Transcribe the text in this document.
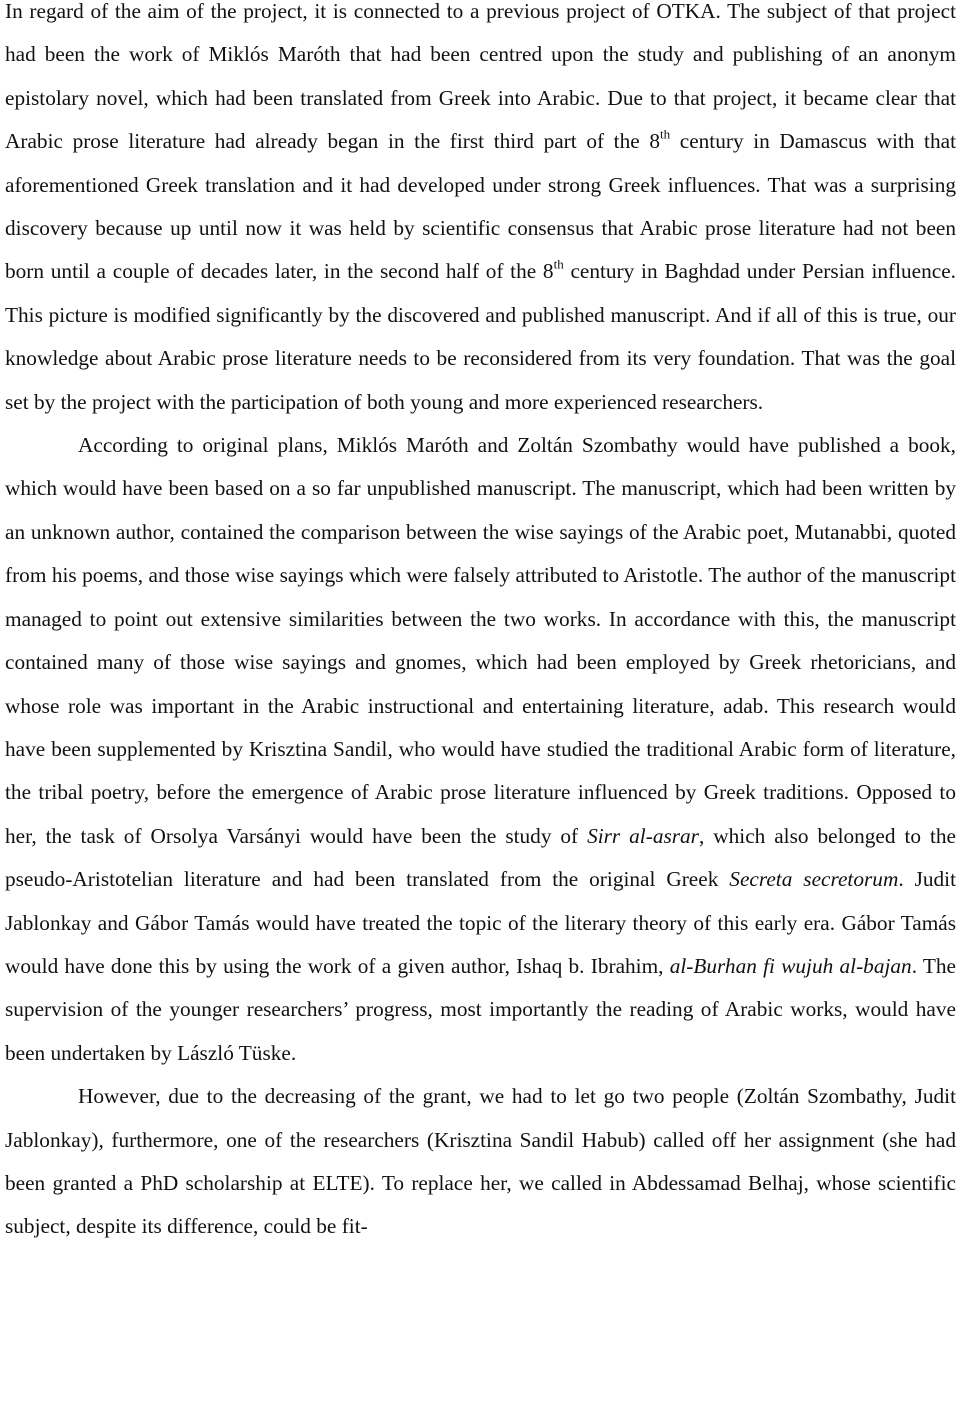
In regard of the aim of the project, it is connected to a previous project of OTKA. The subject of that project had been the work of Miklós Maróth that had been centred upon the study and publishing of an anonym epistolary novel, which had been translated from Greek into Arabic. Due to that project, it became clear that Arabic prose literature had already began in the first third part of the 8th century in Damascus with that aforementioned Greek translation and it had developed under strong Greek influences. That was a surprising discovery because up until now it was held by scientific consensus that Arabic prose literature had not been born until a couple of decades later, in the second half of the 8th century in Baghdad under Persian influence. This picture is modified significantly by the discovered and published manuscript. And if all of this is true, our knowledge about Arabic prose literature needs to be reconsidered from its very foundation. That was the goal set by the project with the participation of both young and more experienced researchers.

According to original plans, Miklós Maróth and Zoltán Szombathy would have published a book, which would have been based on a so far unpublished manuscript. The manuscript, which had been written by an unknown author, contained the comparison between the wise sayings of the Arabic poet, Mutanabbi, quoted from his poems, and those wise sayings which were falsely attributed to Aristotle. The author of the manuscript managed to point out extensive similarities between the two works. In accordance with this, the manuscript contained many of those wise sayings and gnomes, which had been employed by Greek rhetoricians, and whose role was important in the Arabic instructional and entertaining literature, adab. This research would have been supplemented by Krisztina Sandil, who would have studied the traditional Arabic form of literature, the tribal poetry, before the emergence of Arabic prose literature influenced by Greek traditions. Opposed to her, the task of Orsolya Varsányi would have been the study of Sirr al-asrar, which also belonged to the pseudo-Aristotelian literature and had been translated from the original Greek Secreta secretorum. Judit Jablonkay and Gábor Tamás would have treated the topic of the literary theory of this early era. Gábor Tamás would have done this by using the work of a given author, Ishaq b. Ibrahim, al-Burhan fi wujuh al-bajan. The supervision of the younger researchers’ progress, most importantly the reading of Arabic works, would have been undertaken by László Tüske.

However, due to the decreasing of the grant, we had to let go two people (Zoltán Szombathy, Judit Jablonkay), furthermore, one of the researchers (Krisztina Sandil Habub) called off her assignment (she had been granted a PhD scholarship at ELTE). To replace her, we called in Abdessamad Belhaj, whose scientific subject, despite its difference, could be fit-
